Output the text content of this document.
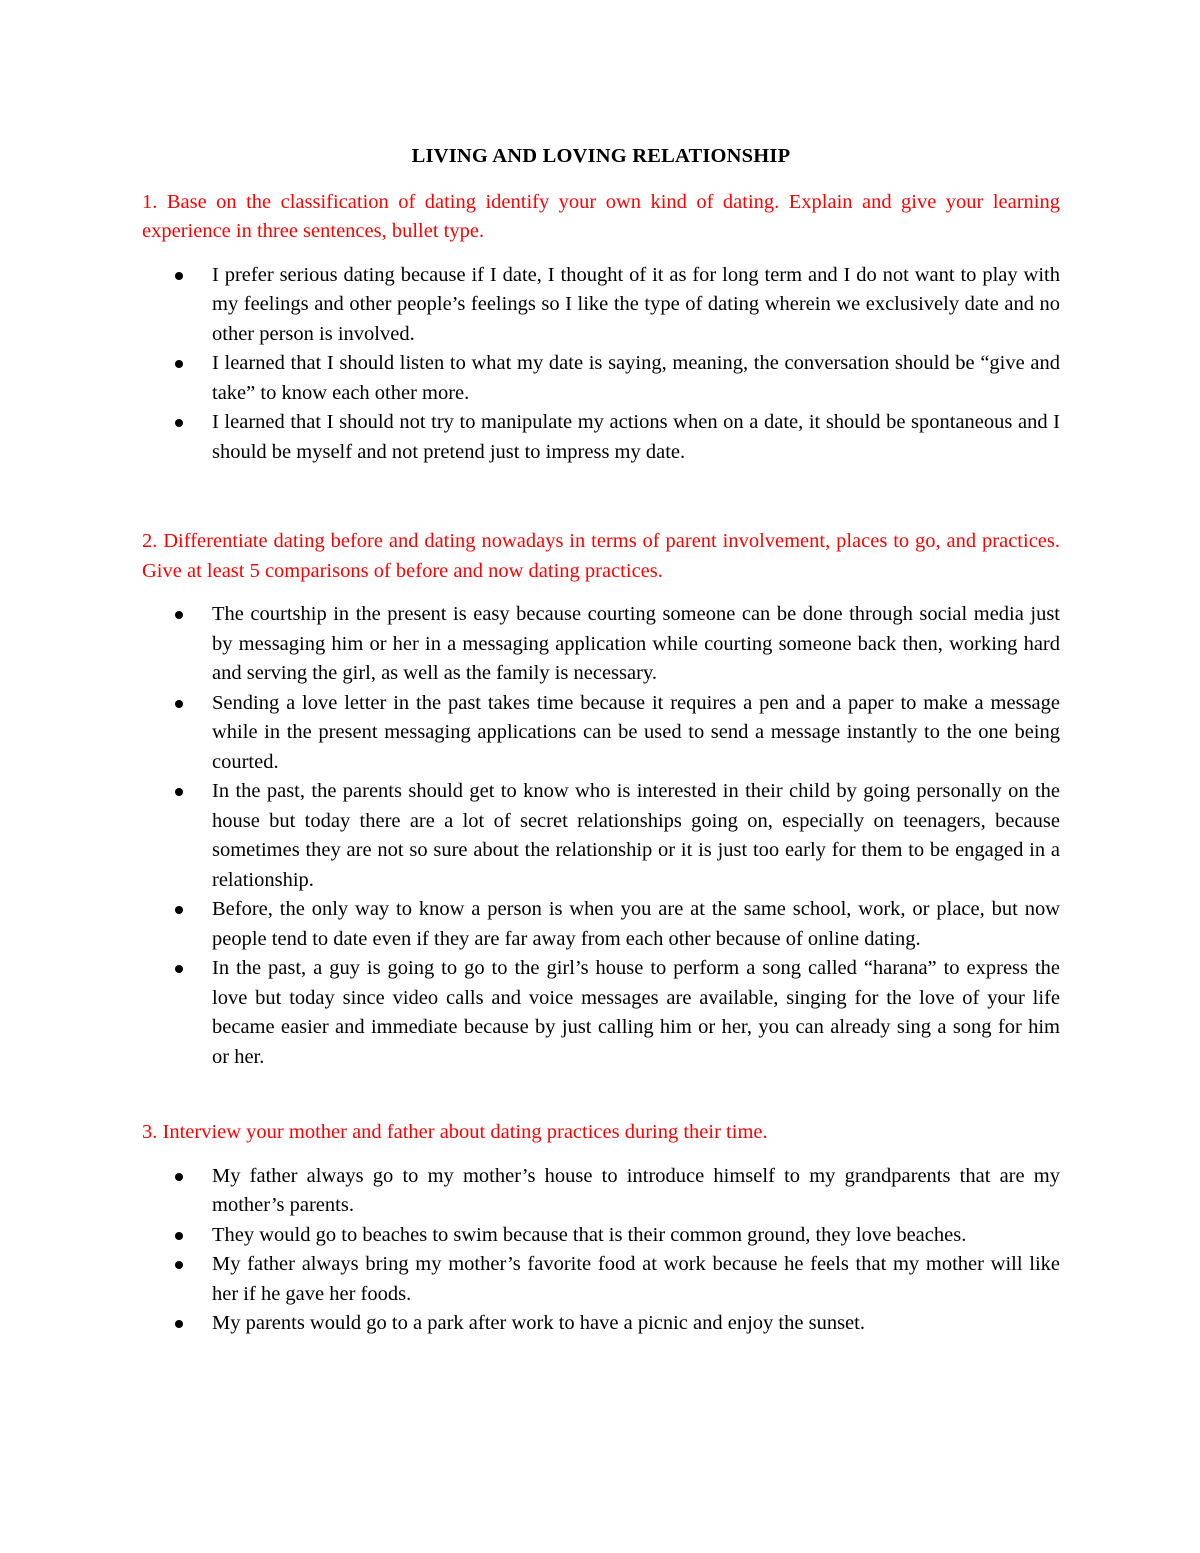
LIVING AND LOVING RELATIONSHIP
1. Base on the classification of dating identify your own kind of dating. Explain and give your learning experience in three sentences, bullet type.
I prefer serious dating because if I date, I thought of it as for long term and I do not want to play with my feelings and other people’s feelings so I like the type of dating wherein we exclusively date and no other person is involved.
I learned that I should listen to what my date is saying, meaning, the conversation should be “give and take” to know each other more.
I learned that I should not try to manipulate my actions when on a date, it should be spontaneous and I should be myself and not pretend just to impress my date.
2. Differentiate dating before and dating nowadays in terms of parent involvement, places to go, and practices. Give at least 5 comparisons of before and now dating practices.
The courtship in the present is easy because courting someone can be done through social media just by messaging him or her in a messaging application while courting someone back then, working hard and serving the girl, as well as the family is necessary.
Sending a love letter in the past takes time because it requires a pen and a paper to make a message while in the present messaging applications can be used to send a message instantly to the one being courted.
In the past, the parents should get to know who is interested in their child by going personally on the house but today there are a lot of secret relationships going on, especially on teenagers, because sometimes they are not so sure about the relationship or it is just too early for them to be engaged in a relationship.
Before, the only way to know a person is when you are at the same school, work, or place, but now people tend to date even if they are far away from each other because of online dating.
In the past, a guy is going to go to the girl’s house to perform a song called “harana” to express the love but today since video calls and voice messages are available, singing for the love of your life became easier and immediate because by just calling him or her, you can already sing a song for him or her.
3. Interview your mother and father about dating practices during their time.
My father always go to my mother’s house to introduce himself to my grandparents that are my mother’s parents.
They would go to beaches to swim because that is their common ground, they love beaches.
My father always bring my mother’s favorite food at work because he feels that my mother will like her if he gave her foods.
My parents would go to a park after work to have a picnic and enjoy the sunset.
